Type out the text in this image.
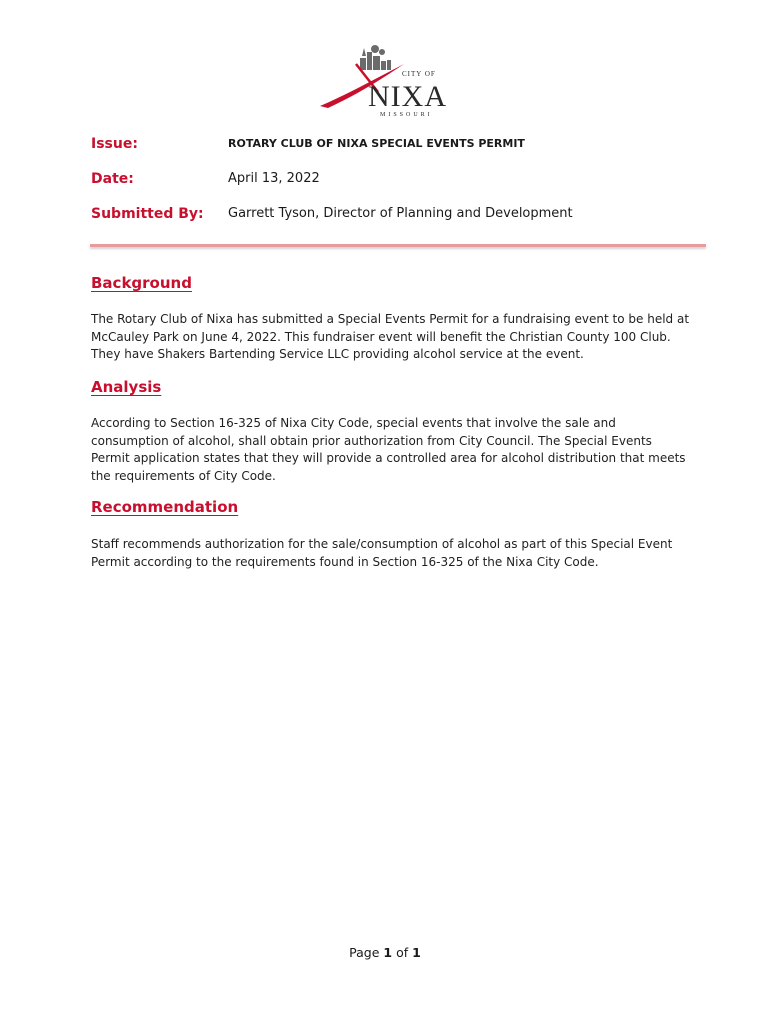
CITY OF
NIXA
MISSOURI
Issue:	ROTARY CLUB OF NIXA SPECIAL EVENTS PERMIT
Date:	April 13, 2022
Submitted By: Garrett Tyson, Director of Planning and Development
Background
The Rotary Club of Nixa has submitted a Special Events Permit for a fundraising event to be held at
McCauley Park on June 4, 2022. This fundraiser event will benefit the Christian County 100 Club.
They have Shakers Bartending Service LLC providing alcohol service at the event.
Analysis
According to Section 16-325 of Nixa City Code, special events that involve the sale and
consumption of alcohol, shall obtain prior authorization from City Council. The Special Events
Permit application states that they will provide a controlled area for alcohol distribution that meets
the requirements of City Code.
Recommendation
Staff recommends authorization for the sale/consumption of alcohol as part of this Special Event
Permit according to the requirements found in Section 16-325 of the Nixa City Code.
Page 1 of 1
